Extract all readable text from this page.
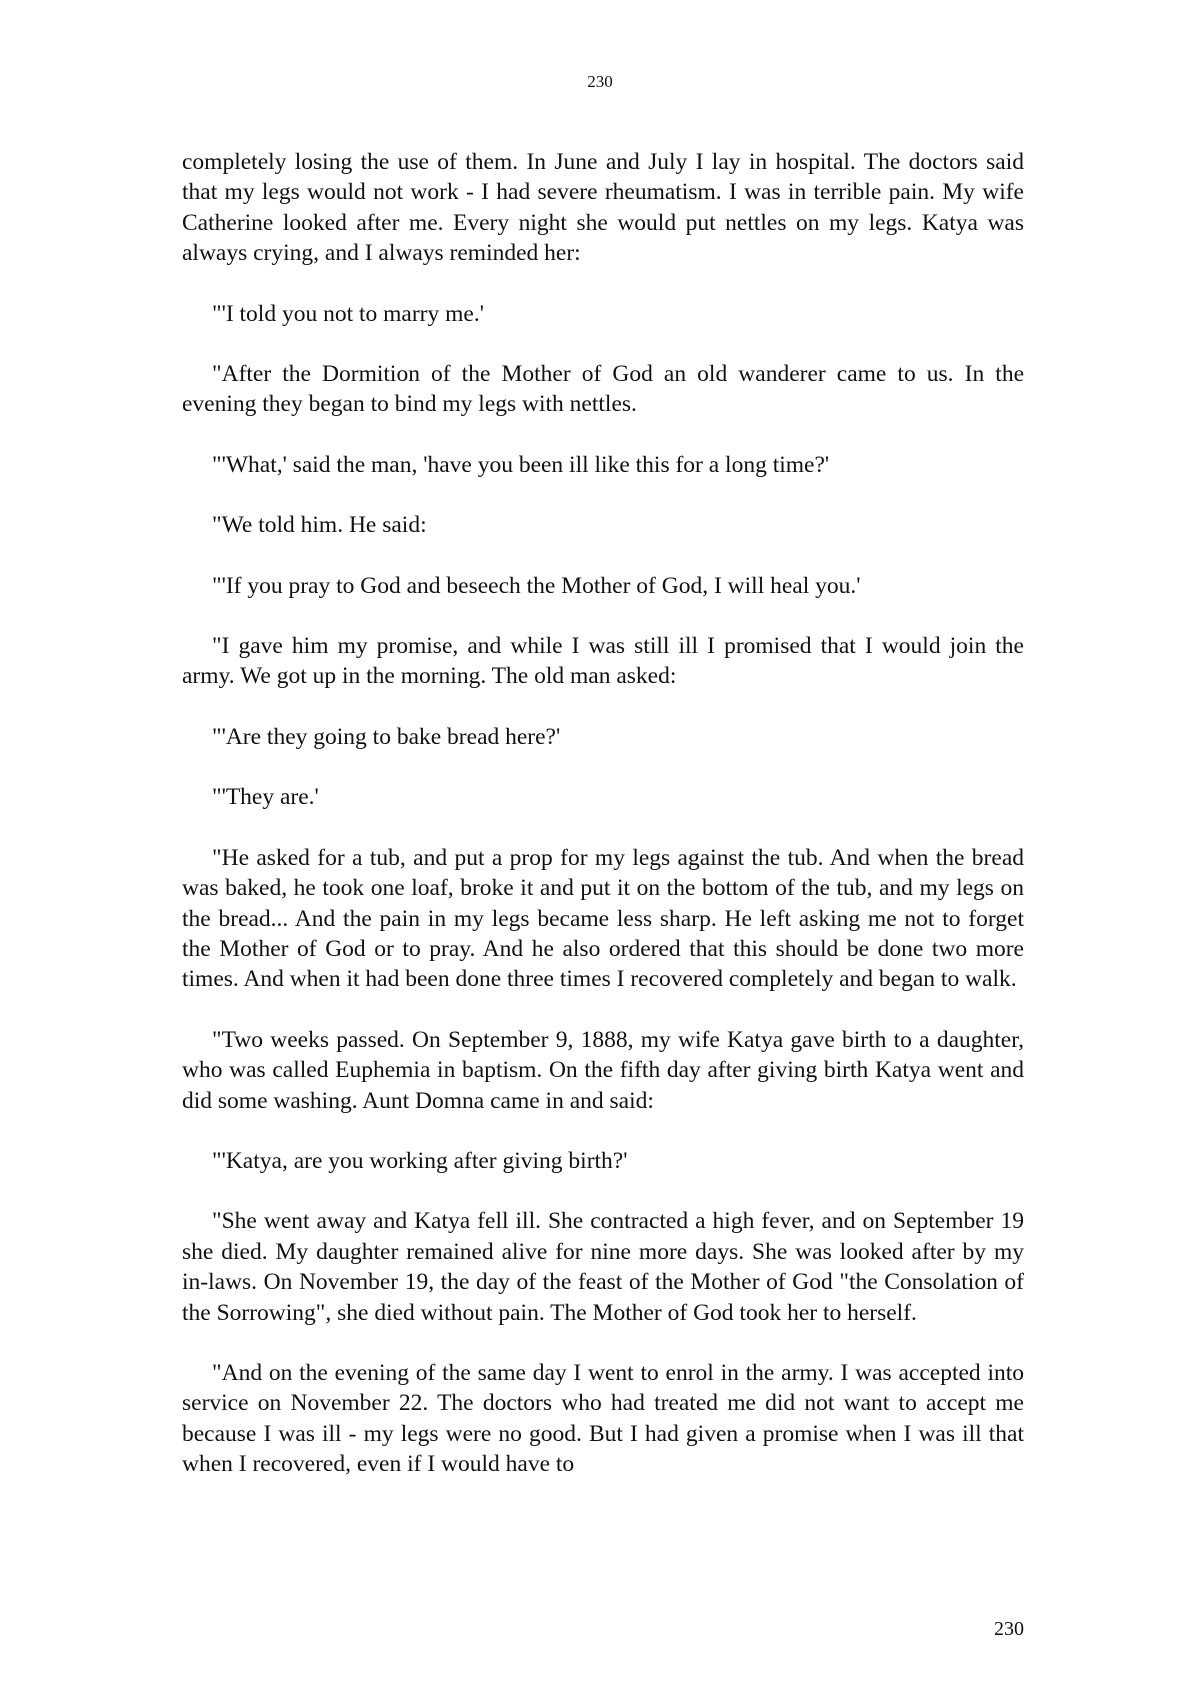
230

completely losing the use of them. In June and July I lay in hospital. The doctors said that my legs would not work - I had severe rheumatism. I was in terrible pain. My wife Catherine looked after me. Every night she would put nettles on my legs. Katya was always crying, and I always reminded her:

"'I told you not to marry me.'

"After the Dormition of the Mother of God an old wanderer came to us. In the evening they began to bind my legs with nettles.

"'What,' said the man, 'have you been ill like this for a long time?'

"We told him. He said:

"'If you pray to God and beseech the Mother of God, I will heal you.'

"I gave him my promise, and while I was still ill I promised that I would join the army. We got up in the morning. The old man asked:

"'Are they going to bake bread here?'

"'They are.'

"He asked for a tub, and put a prop for my legs against the tub. And when the bread was baked, he took one loaf, broke it and put it on the bottom of the tub, and my legs on the bread... And the pain in my legs became less sharp. He left asking me not to forget the Mother of God or to pray. And he also ordered that this should be done two more times. And when it had been done three times I recovered completely and began to walk.

"Two weeks passed. On September 9, 1888, my wife Katya gave birth to a daughter, who was called Euphemia in baptism. On the fifth day after giving birth Katya went and did some washing. Aunt Domna came in and said:

"'Katya, are you working after giving birth?'

"She went away and Katya fell ill. She contracted a high fever, and on September 19 she died. My daughter remained alive for nine more days. She was looked after by my in-laws. On November 19, the day of the feast of the Mother of God "the Consolation of the Sorrowing", she died without pain. The Mother of God took her to herself.

"And on the evening of the same day I went to enrol in the army. I was accepted into service on November 22. The doctors who had treated me did not want to accept me because I was ill - my legs were no good. But I had given a promise when I was ill that when I recovered, even if I would have to

230
